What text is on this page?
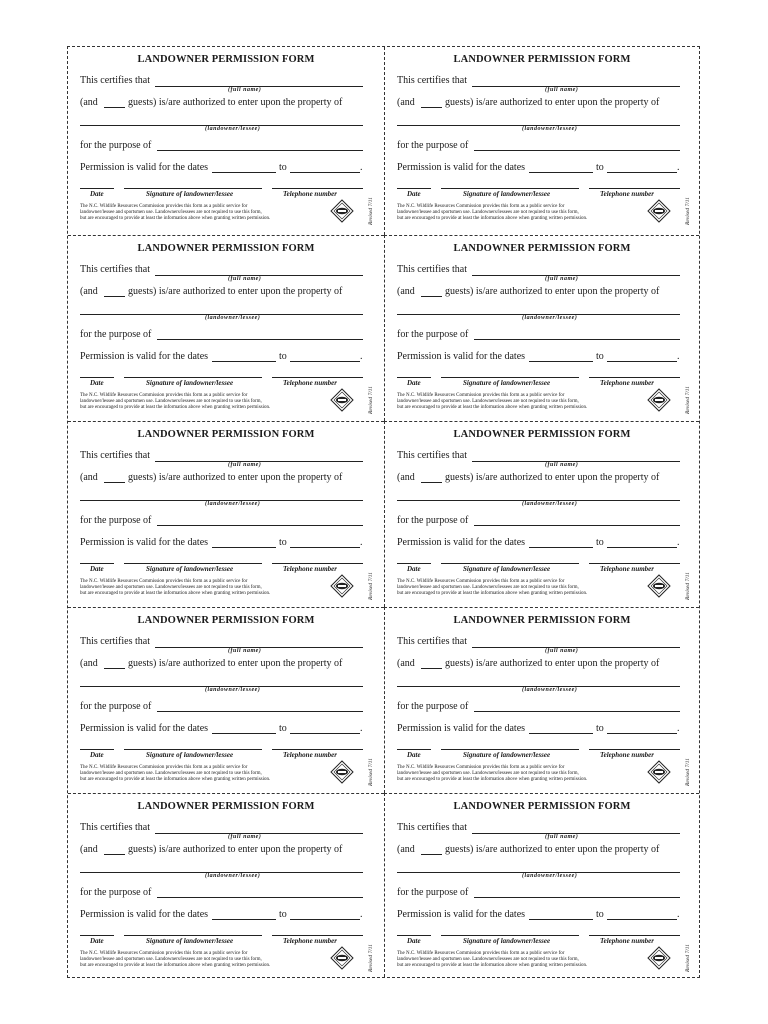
LANDOWNER PERMISSION FORM
This certifies that
(full name)
(and	guests) is/are authorized to enter upon the property of
(landowner/lessee)
for the purpose of
Permission is valid for the dates	to	.
Date	Signature of landowner/lessee	Telephone number
The N.C. Wildlife Resources Commission provides this form as a public service for
landowner/lessee and sportsmen use. Landowners/lessees are not required to use this form,
but are encouraged to provide at least the information above when granting written permission.	Revised 7/11
LANDOWNER PERMISSION FORM
This certifies that
(full name)
(and	guests) is/are authorized to enter upon the property of
(landowner/lessee)
for the purpose of
Permission is valid for the dates	to	.
Date	Signature of landowner/lessee	Telephone number
The N.C. Wildlife Resources Commission provides this form as a public service for
landowner/lessee and sportsmen use. Landowners/lessees are not required to use this form,
but are encouraged to provide at least the information above when granting written permission.	Revised 7/11
LANDOWNER PERMISSION FORM
This certifies that
(full name)
(and	guests) is/are authorized to enter upon the property of
(landowner/lessee)
for the purpose of
Permission is valid for the dates	to	.
Date	Signature of landowner/lessee	Telephone number
The N.C. Wildlife Resources Commission provides this form as a public service for
landowner/lessee and sportsmen use. Landowners/lessees are not required to use this form,
but are encouraged to provide at least the information above when granting written permission.	Revised 7/11
LANDOWNER PERMISSION FORM
This certifies that
(full name)
(and	guests) is/are authorized to enter upon the property of
(landowner/lessee)
for the purpose of
Permission is valid for the dates	to	.
Date	Signature of landowner/lessee	Telephone number
The N.C. Wildlife Resources Commission provides this form as a public service for
landowner/lessee and sportsmen use. Landowners/lessees are not required to use this form,
but are encouraged to provide at least the information above when granting written permission.	Revised 7/11
LANDOWNER PERMISSION FORM
This certifies that
(full name)
(and	guests) is/are authorized to enter upon the property of
(landowner/lessee)
for the purpose of
Permission is valid for the dates	to	.
Date	Signature of landowner/lessee	Telephone number
The N.C. Wildlife Resources Commission provides this form as a public service for
landowner/lessee and sportsmen use. Landowners/lessees are not required to use this form,
but are encouraged to provide at least the information above when granting written permission.	Revised 7/11
LANDOWNER PERMISSION FORM
This certifies that
(full name)
(and	guests) is/are authorized to enter upon the property of
(landowner/lessee)
for the purpose of
Permission is valid for the dates	to	.
Date	Signature of landowner/lessee	Telephone number
The N.C. Wildlife Resources Commission provides this form as a public service for
landowner/lessee and sportsmen use. Landowners/lessees are not required to use this form,
but are encouraged to provide at least the information above when granting written permission.	Revised 7/11
LANDOWNER PERMISSION FORM
This certifies that
(full name)
(and	guests) is/are authorized to enter upon the property of
(landowner/lessee)
for the purpose of
Permission is valid for the dates	to	.
Date	Signature of landowner/lessee	Telephone number
The N.C. Wildlife Resources Commission provides this form as a public service for
landowner/lessee and sportsmen use. Landowners/lessees are not required to use this form,
but are encouraged to provide at least the information above when granting written permission.	Revised 7/11
LANDOWNER PERMISSION FORM
This certifies that
(full name)
(and	guests) is/are authorized to enter upon the property of
(landowner/lessee)
for the purpose of
Permission is valid for the dates	to	.
Date	Signature of landowner/lessee	Telephone number
The N.C. Wildlife Resources Commission provides this form as a public service for
landowner/lessee and sportsmen use. Landowners/lessees are not required to use this form,
but are encouraged to provide at least the information above when granting written permission.	Revised 7/11
LANDOWNER PERMISSION FORM
This certifies that
(full name)
(and	guests) is/are authorized to enter upon the property of
(landowner/lessee)
for the purpose of
Permission is valid for the dates	to	.
Date	Signature of landowner/lessee	Telephone number
The N.C. Wildlife Resources Commission provides this form as a public service for
landowner/lessee and sportsmen use. Landowners/lessees are not required to use this form,
but are encouraged to provide at least the information above when granting written permission.	Revised 7/11
LANDOWNER PERMISSION FORM
This certifies that
(full name)
(and	guests) is/are authorized to enter upon the property of
(landowner/lessee)
for the purpose of
Permission is valid for the dates	to	.
Date	Signature of landowner/lessee	Telephone number
The N.C. Wildlife Resources Commission provides this form as a public service for
landowner/lessee and sportsmen use. Landowners/lessees are not required to use this form,
but are encouraged to provide at least the information above when granting written permission.	Revised 7/11
